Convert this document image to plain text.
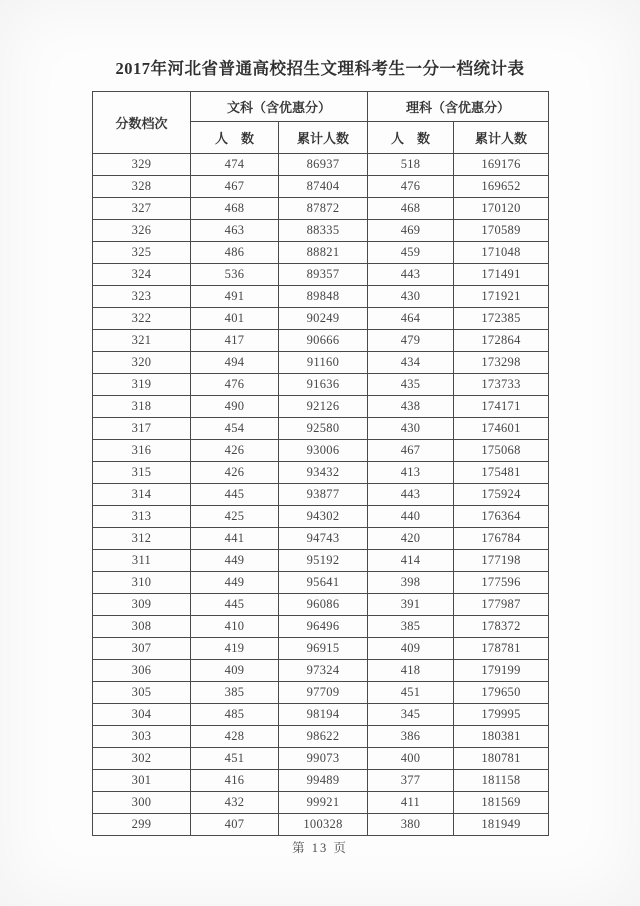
2017年河北省普通高校招生文理科考生一分一档统计表
分数档次	文科（含优惠分）		理科（含优惠分）	
	人　数	累计人数	人　数	累计人数
329	474	86937	518	169176
328	467	87404	476	169652
327	468	87872	468	170120
326	463	88335	469	170589
325	486	88821	459	171048
324	536	89357	443	171491
323	491	89848	430	171921
322	401	90249	464	172385
321	417	90666	479	172864
320	494	91160	434	173298
319	476	91636	435	173733
318	490	92126	438	174171
317	454	92580	430	174601
316	426	93006	467	175068
315	426	93432	413	175481
314	445	93877	443	175924
313	425	94302	440	176364
312	441	94743	420	176784
311	449	95192	414	177198
310	449	95641	398	177596
309	445	96086	391	177987
308	410	96496	385	178372
307	419	96915	409	178781
306	409	97324	418	179199
305	385	97709	451	179650
304	485	98194	345	179995
303	428	98622	386	180381
302	451	99073	400	180781
301	416	99489	377	181158
300	432	99921	411	181569
299	407	100328	380	181949
第 13 页
